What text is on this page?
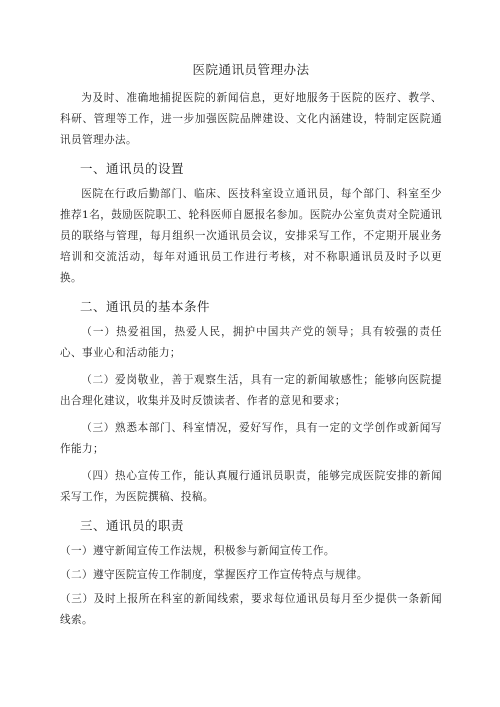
医院通讯员管理办法

为及时、准确地捕捉医院的新闻信息，更好地服务于医院的医疗、教学、科研、管理等工作，进一步加强医院品牌建设、文化内涵建设，特制定医院通讯员管理办法。

一、通讯员的设置

医院在行政后勤部门、临床、医技科室设立通讯员，每个部门、科室至少推荐1名，鼓励医院职工、轮科医师自愿报名参加。医院办公室负责对全院通讯员的联络与管理，每月组织一次通讯员会议，安排采写工作，不定期开展业务培训和交流活动，每年对通讯员工作进行考核，对不称职通讯员及时予以更换。

二、通讯员的基本条件

（一）热爱祖国，热爱人民，拥护中国共产党的领导；具有较强的责任心、事业心和活动能力；

（二）爱岗敬业，善于观察生活，具有一定的新闻敏感性；能够向医院提出合理化建议，收集并及时反馈读者、作者的意见和要求；

（三）熟悉本部门、科室情况，爱好写作，具有一定的文学创作或新闻写作能力；

（四）热心宣传工作，能认真履行通讯员职责，能够完成医院安排的新闻采写工作，为医院撰稿、投稿。

三、通讯员的职责

（一）遵守新闻宣传工作法规，积极参与新闻宣传工作。

（二）遵守医院宣传工作制度，掌握医疗工作宣传特点与规律。

（三）及时上报所在科室的新闻线索，要求每位通讯员每月至少提供一条新闻线索。
